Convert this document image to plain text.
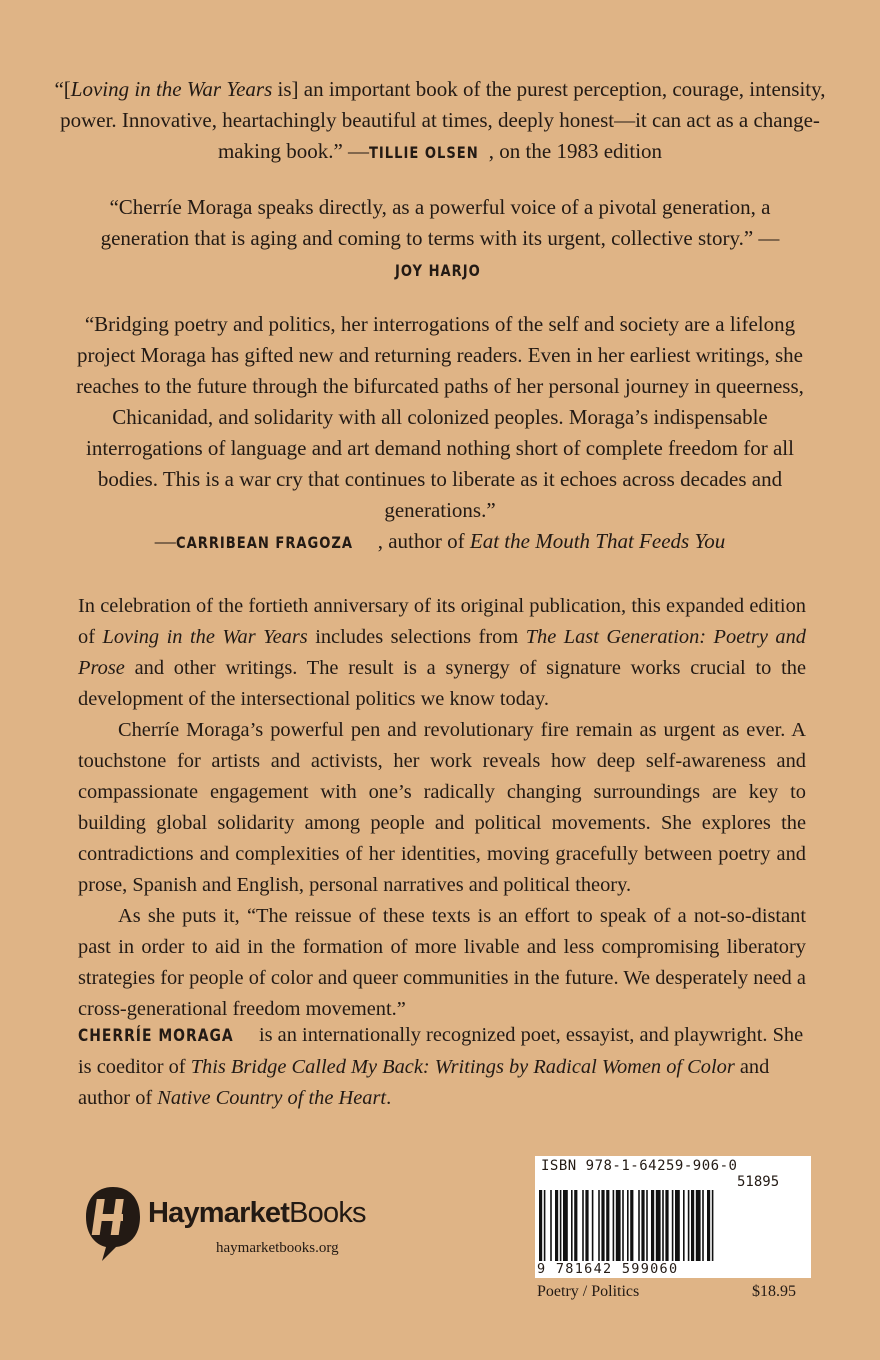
“[Loving in the War Years is] an important book of the purest perception, courage, intensity, power. Innovative, heartachingly beautiful at times, deeply honest—it can act as a change-making book.” —TILLIE OLSEN , on the 1983 edition

“Cherríe Moraga speaks directly, as a powerful voice of a pivotal generation, a generation that is aging and coming to terms with its urgent, collective story.” —JOY HARJO

“Bridging poetry and politics, her interrogations of the self and society are a lifelong project Moraga has gifted new and returning readers. Even in her earliest writings, she reaches to the future through the bifurcated paths of her personal journey in queerness, Chicanidad, and solidarity with all colonized peoples. Moraga’s indispensable interrogations of language and art demand nothing short of complete freedom for all bodies. This is a war cry that continues to liberate as it echoes across decades and generations.”
—CARRIBEAN FRAGOZA , author of Eat the Mouth That Feeds You

In celebration of the fortieth anniversary of its original publication, this expanded edition of Loving in the War Years includes selections from The Last Generation: Poetry and Prose and other writings. The result is a synergy of signature works crucial to the development of the intersectional politics we know today.

Cherríe Moraga’s powerful pen and revolutionary fire remain as urgent as ever. A touchstone for artists and activists, her work reveals how deep self-awareness and compassionate engagement with one’s radically changing surroundings are key to building global solidarity among people and political movements. She explores the contradictions and complexities of her identities, moving gracefully between poetry and prose, Spanish and English, personal narratives and political theory.

As she puts it, “The reissue of these texts is an effort to speak of a not-so-distant past in order to aid in the formation of more livable and less compromising liberatory strategies for people of color and queer communities in the future. We desperately need a cross-generational freedom movement.”

CHERRÍE MORAGA is an internationally recognized poet, essayist, and playwright. She is coeditor of This Bridge Called My Back: Writings by Radical Women of Color and author of Native Country of the Heart.

HaymarketBooks
haymarketbooks.org
ISBN 978-1-64259-906-0
51895
9 781642 599060
Poetry / Politics	$18.95
